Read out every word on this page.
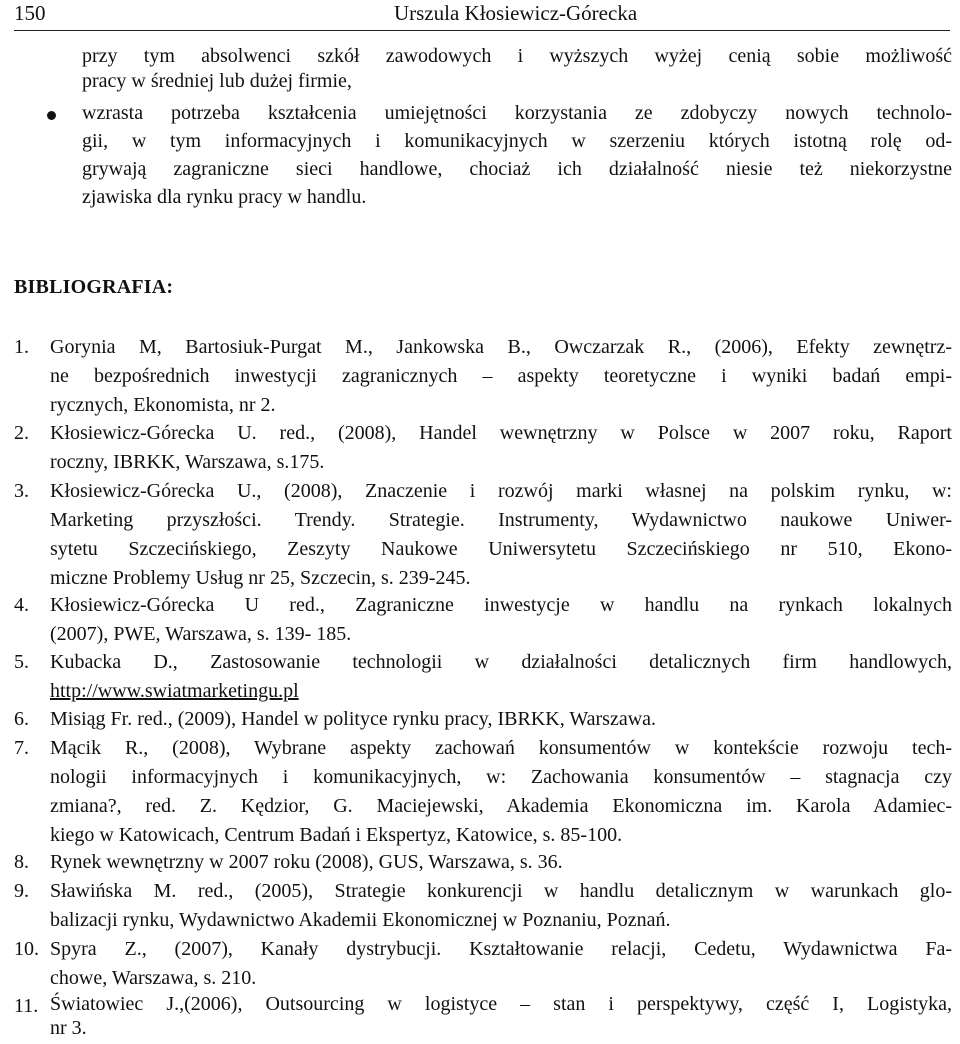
150	Urszula Kłosiewicz-Górecka
przy tym absolwenci szkół zawodowych i wyższych wyżej cenią sobie możliwość
pracy w średniej lub dużej firmie,
wzrasta potrzeba kształcenia umiejętności korzystania ze zdobyczy nowych technolo-
gii, w tym informacyjnych i komunikacyjnych w szerzeniu których istotną rolę od-
grywają zagraniczne sieci handlowe, chociaż ich działalność niesie też niekorzystne
zjawiska dla rynku pracy w handlu.
BIBLIOGRAFIA:
1. Gorynia M, Bartosiuk-Purgat M., Jankowska B., Owczarzak R., (2006), Efekty zewnętrz-
ne bezpośrednich inwestycji zagranicznych – aspekty teoretyczne i wyniki badań empi-
rycznych, Ekonomista, nr 2.
2. Kłosiewicz-Górecka U. red., (2008), Handel wewnętrzny w Polsce w 2007 roku, Raport
roczny, IBRKK, Warszawa, s.175.
3. Kłosiewicz-Górecka U., (2008), Znaczenie i rozwój marki własnej na polskim rynku, w:
Marketing przyszłości. Trendy. Strategie. Instrumenty, Wydawnictwo naukowe Uniwer-
sytetu Szczecińskiego, Zeszyty Naukowe Uniwersytetu Szczecińskiego nr 510, Ekono-
miczne Problemy Usług nr 25, Szczecin, s. 239-245.
4. Kłosiewicz-Górecka U red., Zagraniczne inwestycje w handlu na rynkach lokalnych
(2007), PWE, Warszawa, s. 139- 185.
5. Kubacka D., Zastosowanie technologii w działalności detalicznych firm handlowych,
http://www.swiatmarketingu.pl
6. Misiąg Fr. red., (2009), Handel w polityce rynku pracy, IBRKK, Warszawa.
7. Mącik R., (2008), Wybrane aspekty zachowań konsumentów w kontekście rozwoju tech-
nologii informacyjnych i komunikacyjnych, w: Zachowania konsumentów – stagnacja czy
zmiana?, red. Z. Kędzior, G. Maciejewski, Akademia Ekonomiczna im. Karola Adamiec-
kiego w Katowicach, Centrum Badań i Ekspertyz, Katowice, s. 85-100.
8. Rynek wewnętrzny w 2007 roku (2008), GUS, Warszawa, s. 36.
9. Sławińska M. red., (2005), Strategie konkurencji w handlu detalicznym w warunkach glo-
balizacji rynku, Wydawnictwo Akademii Ekonomicznej w Poznaniu, Poznań.
10. Spyra Z., (2007), Kanały dystrybucji. Kształtowanie relacji, Cedetu, Wydawnictwa Fa-
chowe, Warszawa, s. 210.
11. Światowiec J.,(2006), Outsourcing w logistyce – stan i perspektywy, część I, Logistyka,
nr 3.
